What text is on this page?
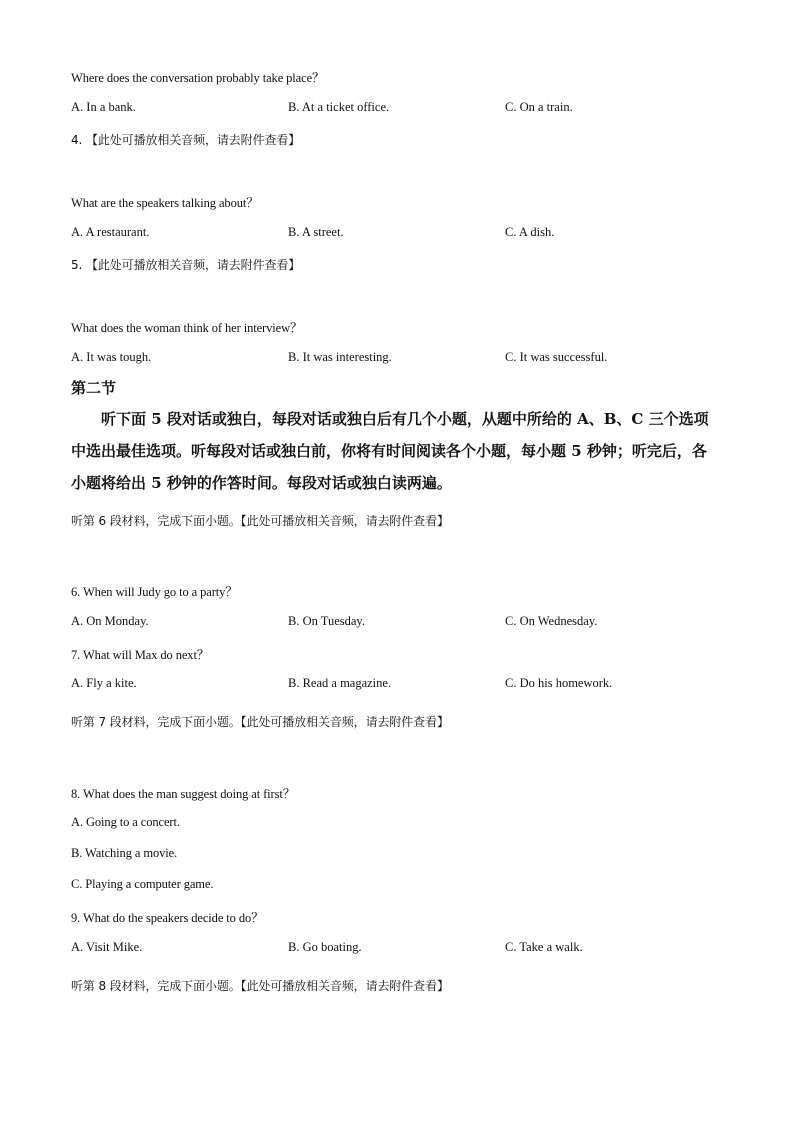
Where does the conversation probably take place？
A. In a bank.	B. At a ticket office.	C. On a train.
4. 【此处可播放相关音频，请去附件查看】
What are the speakers talking about？
A. A restaurant.	B. A street.	C. A dish.
5. 【此处可播放相关音频，请去附件查看】
What does the woman think of her interview？
A. It was tough.	B. It was interesting.	C. It was successful.
第二节
听下面 5 段对话或独白，每段对话或独白后有几个小题，从题中所给的 A、B、C 三个选项中选出最佳选项。听每段对话或独白前，你将有时间阅读各个小题，每小题 5 秒钟；听完后，各小题将给出 5 秒钟的作答时间。每段对话或独白读两遍。
听第 6 段材料，完成下面小题。【此处可播放相关音频，请去附件查看】
6. When will Judy go to a party？
A. On Monday.	B. On Tuesday.	C. On Wednesday.
7. What will Max do next？
A. Fly a kite.	B. Read a magazine.	C. Do his homework.
听第 7 段材料，完成下面小题。【此处可播放相关音频，请去附件查看】
8. What does the man suggest doing at first？
A. Going to a concert.
B. Watching a movie.
C. Playing a computer game.
9. What do the speakers decide to do？
A. Visit Mike.	B. Go boating.	C. Take a walk.
听第 8 段材料，完成下面小题。【此处可播放相关音频，请去附件查看】
